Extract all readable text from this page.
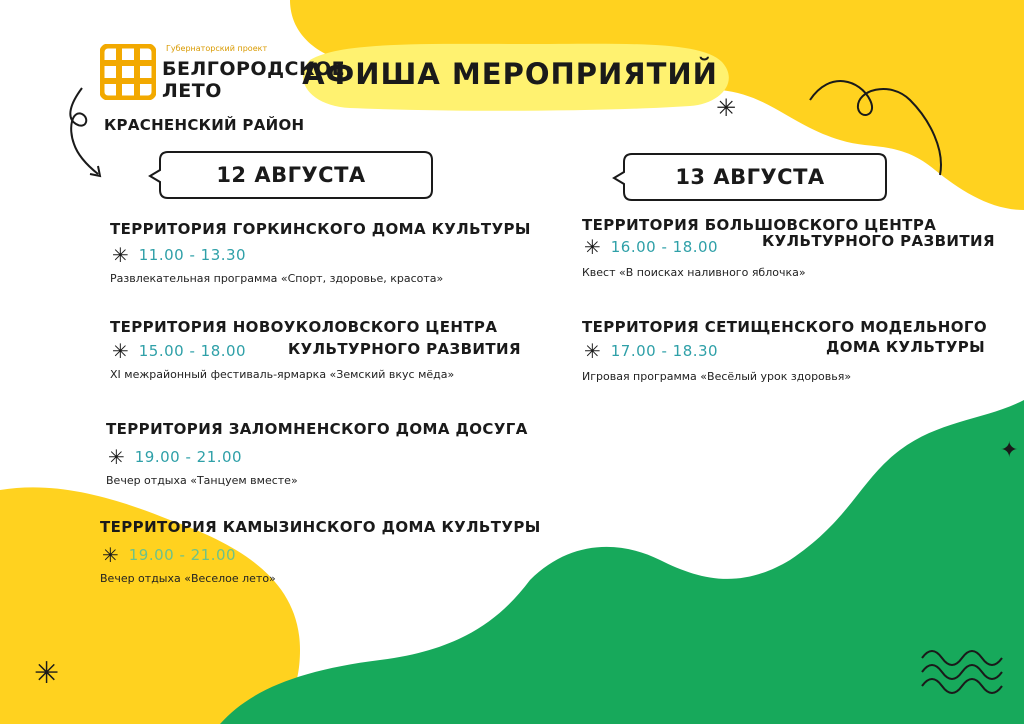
✳
✦
✳
Губернаторский проект
БЕЛГОРОДСКОЕ
ЛЕТО
КРАСНЕНСКИЙ РАЙОН
АФИША МЕРОПРИЯТИЙ
12 АВГУСТА	13 АВГУСТА
ТЕРРИТОРИЯ ГОРКИНСКОГО ДОМА КУЛЬТУРЫ
✳ 11.00 - 13.30
Развлекательная программа «Спорт, здоровье, красота»
ТЕРРИТОРИЯ НОВОУКОЛОВСКОГО ЦЕНТРА
✳ 15.00 - 18.00	КУЛЬТУРНОГО РАЗВИТИЯ
XI межрайонный фестиваль-ярмарка «Земский вкус мёда»
ТЕРРИТОРИЯ ЗАЛОМНЕНСКОГО ДОМА ДОСУГА
✳ 19.00 - 21.00
Вечер отдыха «Танцуем вместе»
ТЕРРИТОРИЯ КАМЫЗИНСКОГО ДОМА КУЛЬТУРЫ
✳ 19.00 - 21.00
Вечер отдыха «Веселое лето»
ТЕРРИТОРИЯ БОЛЬШОВСКОГО ЦЕНТРА
✳ 16.00 - 18.00	КУЛЬТУРНОГО РАЗВИТИЯ
Квест «В поисках наливного яблочка»
ТЕРРИТОРИЯ СЕТИЩЕНСКОГО МОДЕЛЬНОГО
✳ 17.00 - 18.30	ДОМА КУЛЬТУРЫ
Игровая программа «Весёлый урок здоровья»
